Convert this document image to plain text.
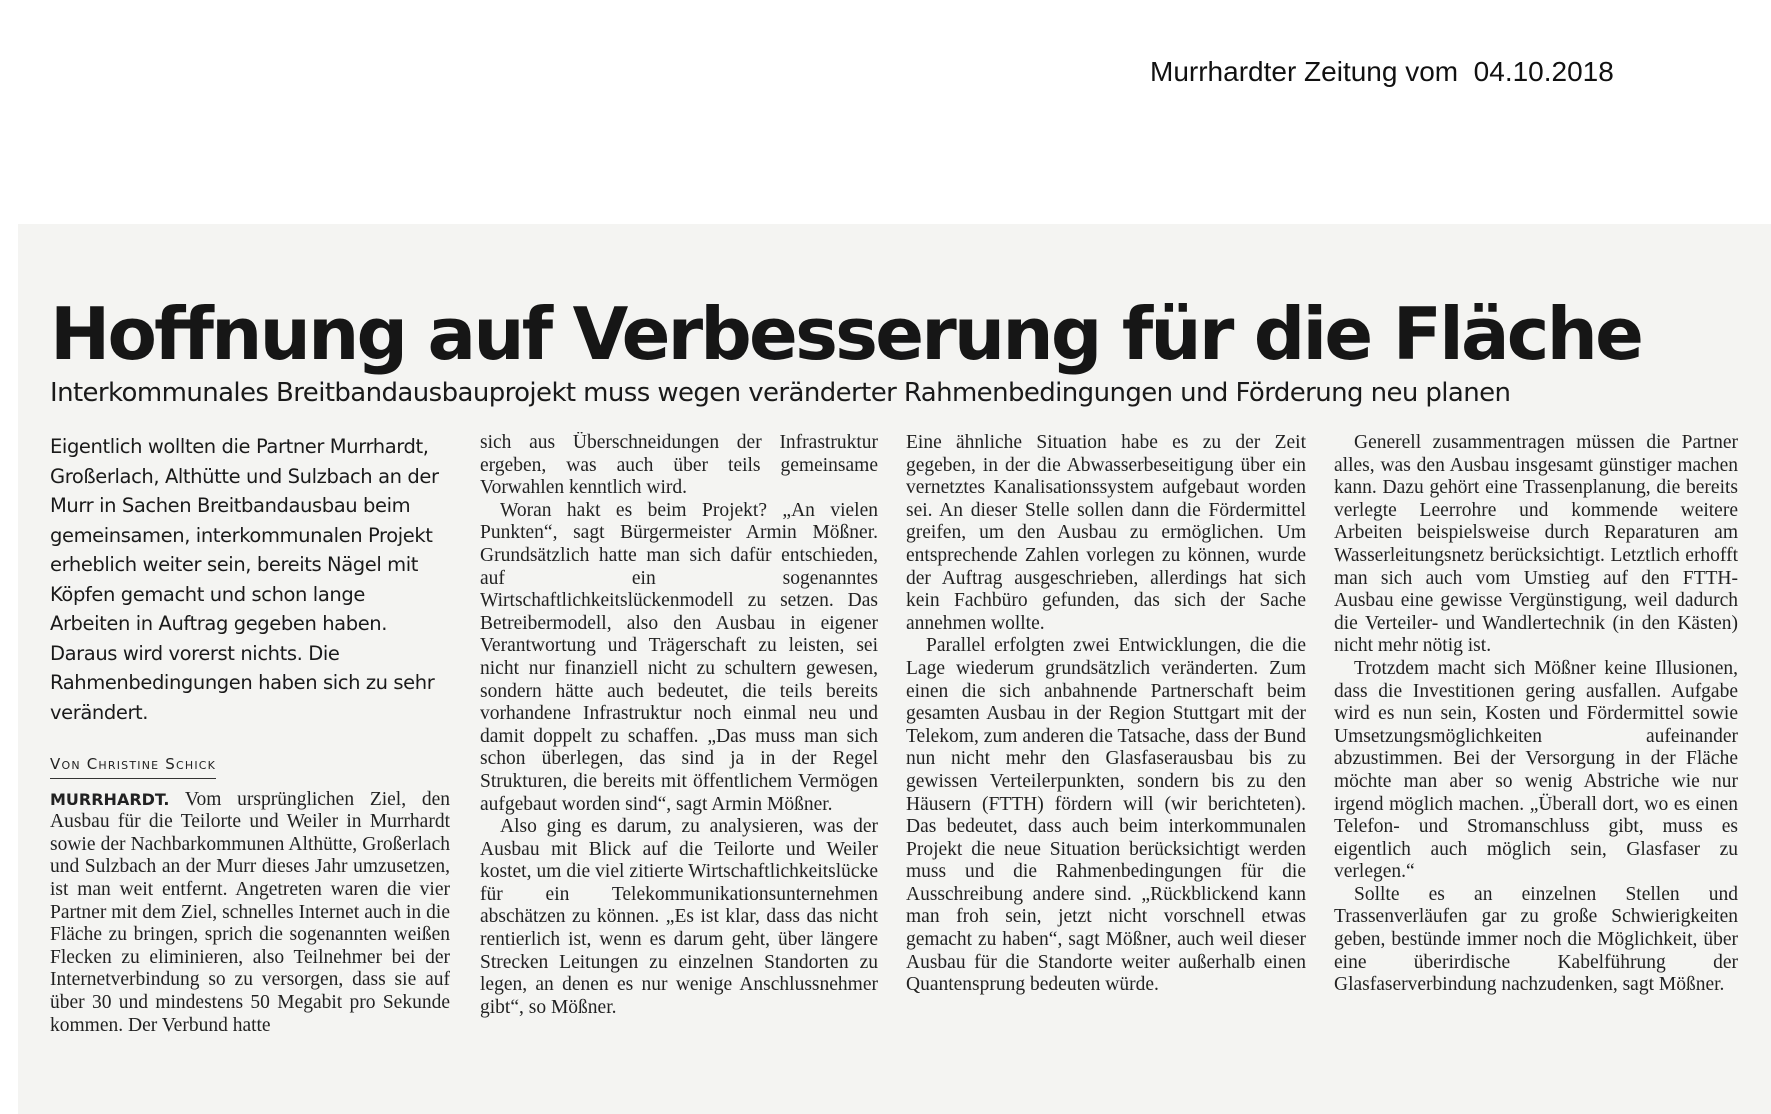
Murrhardter Zeitung vom  04.10.2018
Hoffnung auf Verbesserung für die Fläche
Interkommunales Breitbandausbauprojekt muss wegen veränderter Rahmenbedingungen und Förderung neu planen

Eigentlich wollten die Partner Murrhardt, Großerlach, Althütte und Sulzbach an der Murr in Sachen Breitbandausbau beim gemeinsamen, interkommunalen Projekt erheblich weiter sein, bereits Nägel mit Köpfen gemacht und schon lange Arbeiten in Auftrag gegeben haben. Daraus wird vorerst nichts. Die Rahmenbedingungen haben sich zu sehr verändert.

Von Christine Schick

MURRHARDT. Vom ursprünglichen Ziel, den Ausbau für die Teilorte und Weiler in Murrhardt sowie der Nachbarkommunen Althütte, Großerlach und Sulzbach an der Murr dieses Jahr umzusetzen, ist man weit entfernt. Angetreten waren die vier Partner mit dem Ziel, schnelles Internet auch in die Fläche zu bringen, sprich die sogenannten weißen Flecken zu eliminieren, also Teilnehmer bei der Internetverbindung so zu versorgen, dass sie auf über 30 und mindestens 50 Megabit pro Sekunde kommen. Der Verbund hatte

sich aus Überschneidungen der Infrastruktur ergeben, was auch über teils gemeinsame Vorwahlen kenntlich wird.

Woran hakt es beim Projekt? „An vielen Punkten“, sagt Bürgermeister Armin Mößner. Grundsätzlich hatte man sich dafür entschieden, auf ein sogenanntes Wirtschaftlichkeitslückenmodell zu setzen. Das Betreibermodell, also den Ausbau in eigener Verantwortung und Trägerschaft zu leisten, sei nicht nur finanziell nicht zu schultern gewesen, sondern hätte auch bedeutet, die teils bereits vorhandene Infrastruktur noch einmal neu und damit doppelt zu schaffen. „Das muss man sich schon überlegen, das sind ja in der Regel Strukturen, die bereits mit öffentlichem Vermögen aufgebaut worden sind“, sagt Armin Mößner.

Also ging es darum, zu analysieren, was der Ausbau mit Blick auf die Teilorte und Weiler kostet, um die viel zitierte Wirtschaftlichkeitslücke für ein Telekommunikationsunternehmen abschätzen zu können. „Es ist klar, dass das nicht rentierlich ist, wenn es darum geht, über längere Strecken Leitungen zu einzelnen Standorten zu legen, an denen es nur wenige Anschlussnehmer gibt“, so Mößner.

Eine ähnliche Situation habe es zu der Zeit gegeben, in der die Abwasserbeseitigung über ein vernetztes Kanalisationssystem aufgebaut worden sei. An dieser Stelle sollen dann die Fördermittel greifen, um den Ausbau zu ermöglichen. Um entsprechende Zahlen vorlegen zu können, wurde der Auftrag ausgeschrieben, allerdings hat sich kein Fachbüro gefunden, das sich der Sache annehmen wollte.

Parallel erfolgten zwei Entwicklungen, die die Lage wiederum grundsätzlich veränderten. Zum einen die sich anbahnende Partnerschaft beim gesamten Ausbau in der Region Stuttgart mit der Telekom, zum anderen die Tatsache, dass der Bund nun nicht mehr den Glasfaserausbau bis zu gewissen Verteilerpunkten, sondern bis zu den Häusern (FTTH) fördern will (wir berichteten). Das bedeutet, dass auch beim interkommunalen Projekt die neue Situation berücksichtigt werden muss und die Rahmenbedingungen für die Ausschreibung andere sind. „Rückblickend kann man froh sein, jetzt nicht vorschnell etwas gemacht zu haben“, sagt Mößner, auch weil dieser Ausbau für die Standorte weiter außerhalb einen Quantensprung bedeuten würde.

Generell zusammentragen müssen die Partner alles, was den Ausbau insgesamt günstiger machen kann. Dazu gehört eine Trassenplanung, die bereits verlegte Leerrohre und kommende weitere Arbeiten beispielsweise durch Reparaturen am Wasserleitungsnetz berücksichtigt. Letztlich erhofft man sich auch vom Umstieg auf den FTTH-Ausbau eine gewisse Vergünstigung, weil dadurch die Verteiler- und Wandlertechnik (in den Kästen) nicht mehr nötig ist.

Trotzdem macht sich Mößner keine Illusionen, dass die Investitionen gering ausfallen. Aufgabe wird es nun sein, Kosten und Fördermittel sowie Umsetzungsmöglichkeiten aufeinander abzustimmen. Bei der Versorgung in der Fläche möchte man aber so wenig Abstriche wie nur irgend möglich machen. „Überall dort, wo es einen Telefon- und Stromanschluss gibt, muss es eigentlich auch möglich sein, Glasfaser zu verlegen.“

Sollte es an einzelnen Stellen und Trassenverläufen gar zu große Schwierigkeiten geben, bestünde immer noch die Möglichkeit, über eine überirdische Kabelführung der Glasfaserverbindung nachzudenken, sagt Mößner.
